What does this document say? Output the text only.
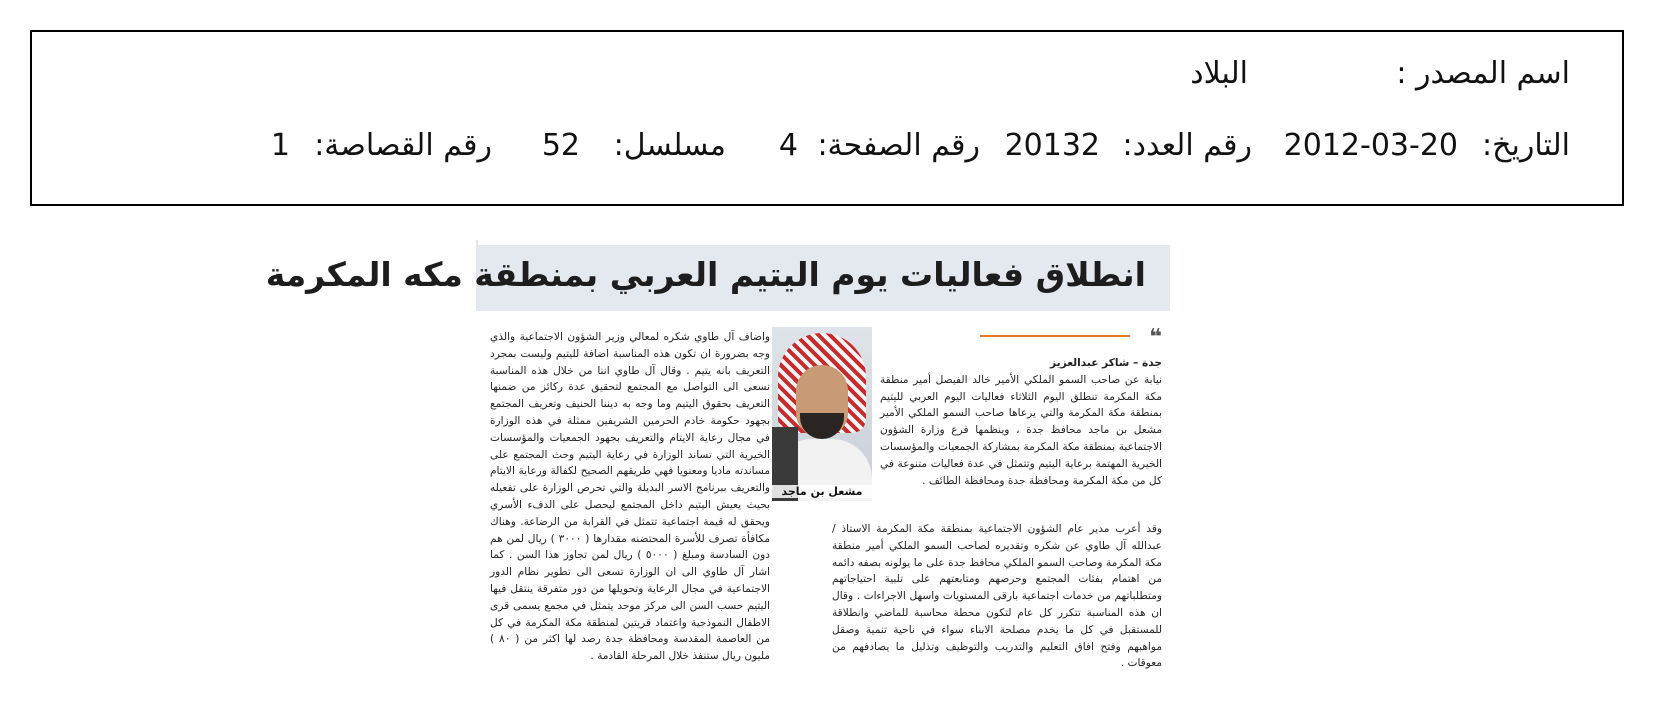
اسم المصدر :
البلاد
التاريخ:
2012-03-20
رقم العدد:
20132
رقم الصفحة:
4
مسلسل:
52
رقم القصاصة:
1
انطلاق فعاليات يوم اليتيم العربي بمنطقة مكه المكرمة
❝

جدة – شاكر عبدالعزيز

نيابة عن صاحب السمو الملكي الأمير خالد الفيصل أمير منطقة مكة المكرمة تنطلق اليوم الثلاثاء فعاليات اليوم العربي لليتيم بمنطقة مكة المكرمة والتي يرعاها صاحب السمو الملكي الأمير مشعل بن ماجد محافظ جدة ، وينظمها فرع وزارة الشؤون الاجتماعية بمنطقة مكة المكرمة بمشاركة الجمعيات والمؤسسات الخيرية المهتمة برعاية اليتيم وتتمثل في عدة فعاليات متنوعة في كل من مكة المكرمة ومحافظة جدة ومحافظة الطائف .

مشعل بن ماجد

وقد أعرب مدير عام الشؤون الاجتماعية بمنطقة مكة المكرمة الاستاذ / عبدالله آل طاوي عن شكره وتقديره لصاحب السمو الملكي أمير منطقة مكة المكرمة وصاحب السمو الملكي محافظ جدة على ما يولونه بصفه دائمه من اهتمام بفئات المجتمع وحرصهم ومتابعتهم على تلبية احتياجاتهم ومتطلباتهم من خدمات اجتماعية بارقى المستويات واسهل الاجراءات . وقال ان هذه المناسبة تتكرر كل عام لتكون محطة محاسبة للماضي وانطلاقة للمستقبل في كل ما يخدم مصلحة الابناء سواء في ناحية تنمية وصقل مواهبهم وفتح افاق التعليم والتدريب والتوظيف وتذليل ما يصادفهم من معوقات .

واضاف آل طاوي شكره لمعالي وزير الشؤون الاجتماعية والذي وجه بضرورة ان تكون هذه المناسبة اضافة لليتيم وليست بمجرد التعريف بانه يتيم . وقال آل طاوي اننا من خلال هذه المناسبة نسعى الى التواصل مع المجتمع لتحقيق عدة ركائز من ضمنها التعريف بحقوق اليتيم وما وجه به ديننا الحنيف وتعريف المجتمع بجهود حكومة خادم الحرمين الشريفين ممثلة في هذه الوزارة في مجال رعاية الايتام والتعريف بجهود الجمعيات والمؤسسات الخيرية التي تساند الوزارة في رعاية اليتيم وحث المجتمع على مساندته ماديا ومعنويا فهي طريقهم الصحيح لكفالة ورعاية الايتام والتعريف ببرنامج الاسر البديلة والتي تحرص الوزارة على تفعيله بحيث يعيش اليتيم داخل المجتمع ليحصل على الدفء الأسري ويحقق له قيمة اجتماعية تتمثل في القرابة من الرضاعة. وهناك مكافأة تصرف للأسرة المحتضنه مقدارها ( ٣٠٠٠ ) ريال لمن هم دون السادسة ومبلغ ( ٥٠٠٠ ) ريال لمن تجاوز هذا السن . كما اشار آل طاوي الى ان الوزارة تسعى الى تطوير نظام الدور الاجتماعية في مجال الرعاية وتحويلها من دور متفرقة ينتقل فيها اليتيم حسب السن الى مركز موحد يتمثل في مجمع يسمى قرى الاطفال النموذجية واعتماد قريتين لمنطقة مكة المكرمة في كل من العاصمة المقدسة ومحافظة جدة رصد لها اكثر من ( ٨٠ ) مليون ريال ستنفذ خلال المرحلة القادمة .
